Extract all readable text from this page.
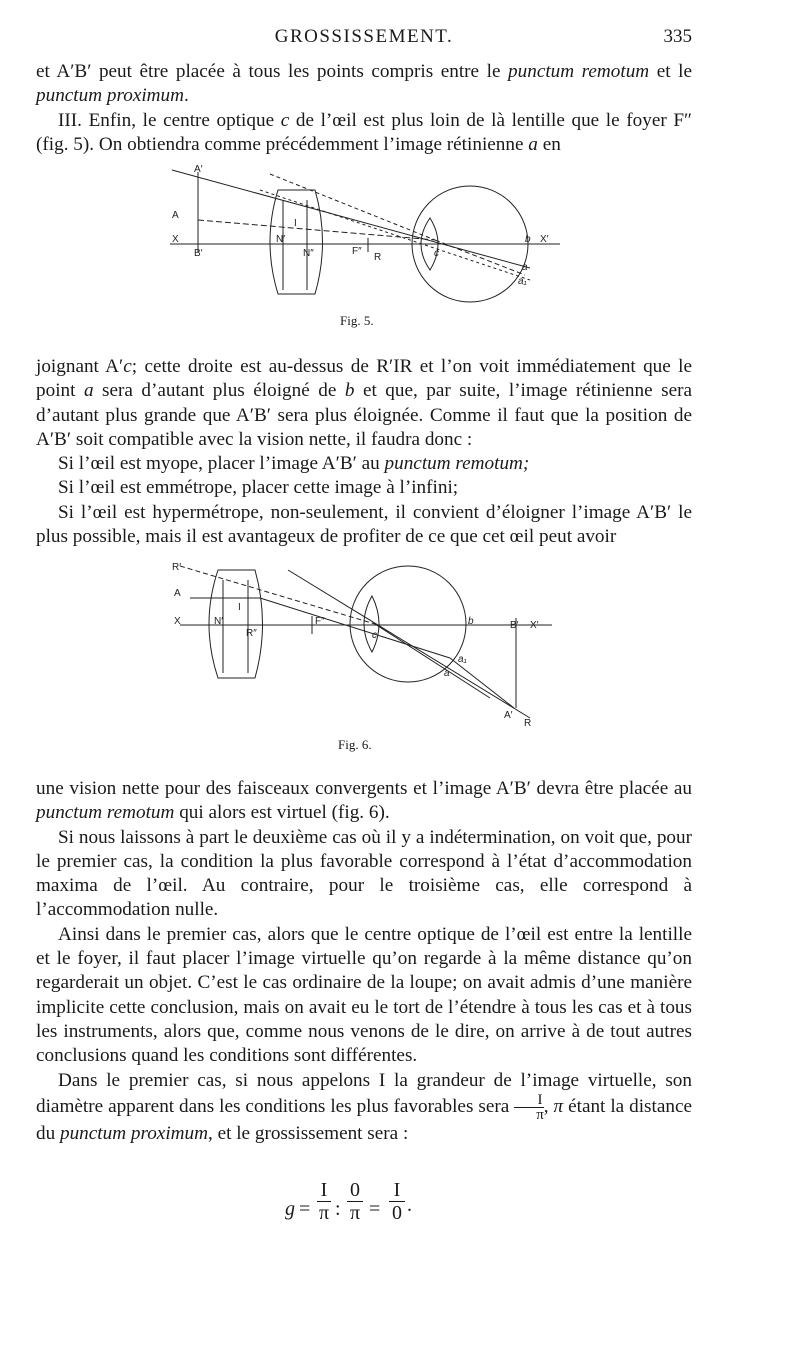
GROSSISSEMENT.	335

et A′B′ peut être placée à tous les points compris entre le punctum remotum et le punctum proximum.

III. Enfin, le centre optique c de l’œil est plus loin de là lentille que le foyer F″ (fig. 5). On obtiendra comme précédemment l’image rétinienne a en

A′
A
X
B′
N′
N″
I
F″
R	c
b X′
a
a₁
Fig. 5.

joignant A′c; cette droite est au-dessus de R′IR et l’on voit immédiatement que le point a sera d’autant plus éloigné de b et que, par suite, l’image rétinienne sera d’autant plus grande que A′B′ sera plus éloignée. Comme il faut que la position de A′B′ soit compatible avec la vision nette, il faudra donc :

Si l’œil est myope, placer l’image A′B′ au punctum remotum;

Si l’œil est emmétrope, placer cette image à l’infini;

Si l’œil est hypermétrope, non-seulement, il convient d’éloigner l’image A′B′ le plus possible, mais il est avantageux de profiter de ce que cet œil peut avoir

R′
A
X	N′
R″
I
F″
c
b	B′ X′
a₁
a
A′
R
Fig. 6.

une vision nette pour des faisceaux convergents et l’image A′B′ devra être placée au punctum remotum qui alors est virtuel (fig. 6).

Si nous laissons à part le deuxième cas où il y a indétermination, on voit que, pour le premier cas, la condition la plus favorable correspond à l’état d’accommodation maxima de l’œil. Au contraire, pour le troisième cas, elle correspond à l’accommodation nulle.

Ainsi dans le premier cas, alors que le centre optique de l’œil est entre la lentille et le foyer, il faut placer l’image virtuelle qu’on regarde à la même distance qu’on regarderait un objet. C’est le cas ordinaire de la loupe; on avait admis d’une manière implicite cette conclusion, mais on avait eu le tort de l’étendre à tous les cas et à tous les instruments, alors que, comme nous venons de le dire, on arrive à de tout autres conclusions quand les conditions sont différentes.

Dans le premier cas, si nous appelons I la grandeur de l’image virtuelle, son diamètre apparent dans les conditions les plus favorables sera $\frac{I}{\pi}$ , π étant la distance du punctum proximum, et le grossissement sera :

g =
I
π :
0
π =
I
0 .
